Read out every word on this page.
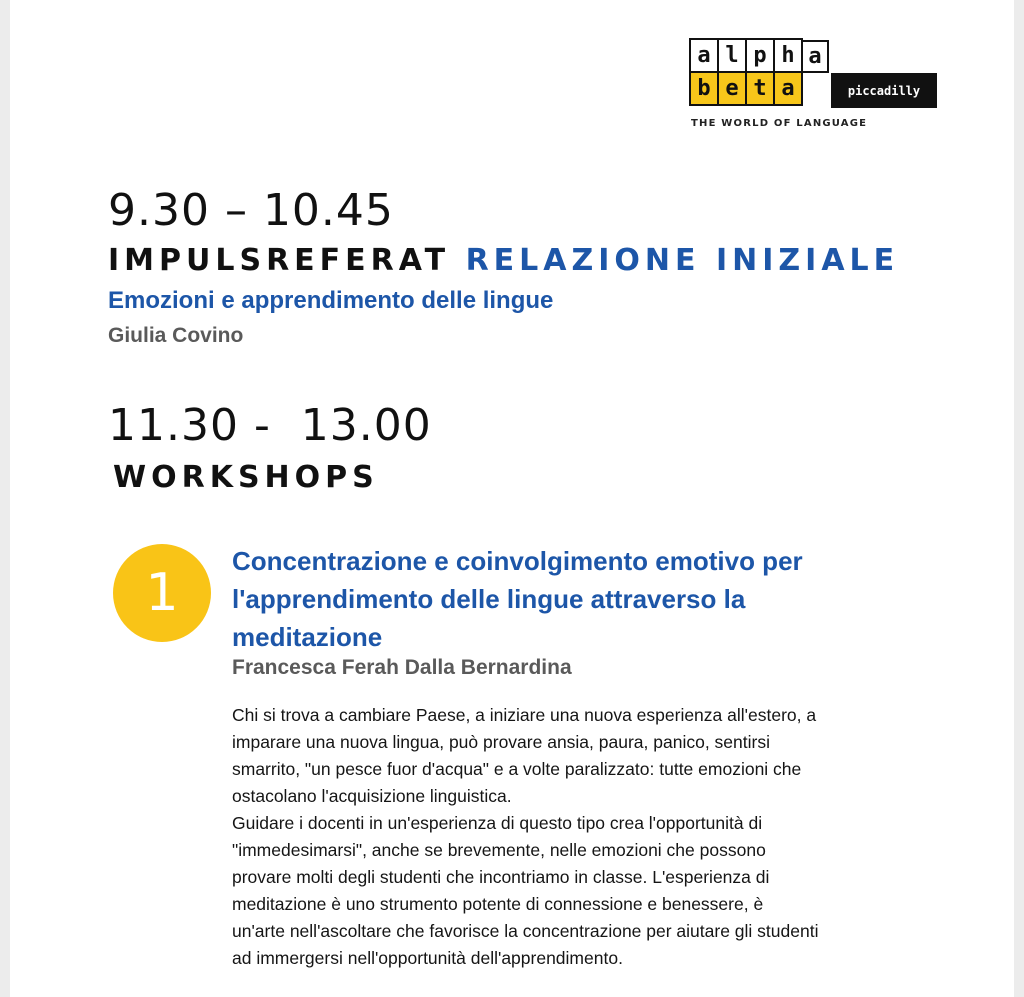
a l p h
b e t a
a
piccadilly
THE WORLD OF LANGUAGE
9.30 – 10.45
IMPULSREFERAT RELAZIONE INIZIALE
Emozioni e apprendimento delle lingue
Giulia Covino
11.30 -  13.00
WORKSHOPS
1
Concentrazione e coinvolgimento emotivo per l'apprendimento delle lingue attraverso la meditazione
Francesca Ferah Dalla Bernardina

Chi si trova a cambiare Paese, a iniziare una nuova esperienza all'estero, a

imparare una nuova lingua, può provare ansia, paura, panico, sentirsi

smarrito, "un pesce fuor d'acqua" e a volte paralizzato: tutte emozioni che

ostacolano l'acquisizione linguistica.

Guidare i docenti in un'esperienza di questo tipo crea l'opportunità di

"immedesimarsi", anche se brevemente, nelle emozioni che possono

provare molti degli studenti che incontriamo in classe. L'esperienza di

meditazione è uno strumento potente di connessione e benessere, è

un'arte nell'ascoltare che favorisce la concentrazione per aiutare gli studenti

ad immergersi nell'opportunità dell'apprendimento.
